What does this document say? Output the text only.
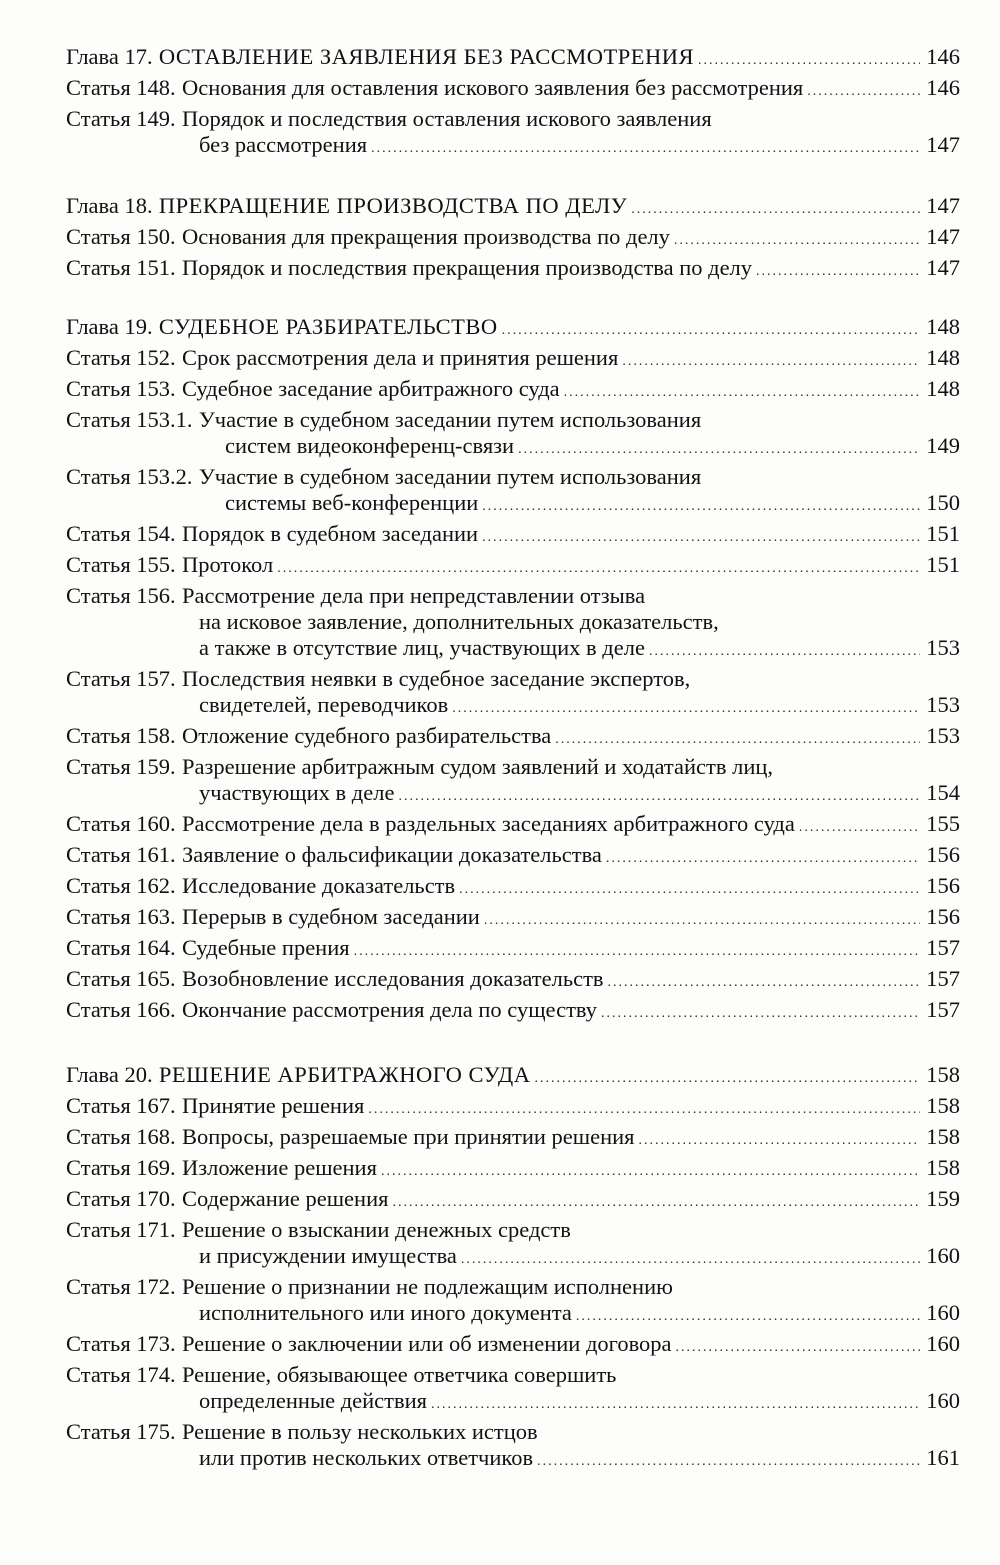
Глава 17. ОСТАВЛЕНИЕ ЗАЯВЛЕНИЯ БЕЗ РАССМОТРЕНИЯ .....	146
Статья 148. Основания для оставления искового заявления без рассмотрения .....	146
Статья 149. Порядок и последствия оставления искового заявления
без рассмотрения .....	147
Глава 18. ПРЕКРАЩЕНИЕ ПРОИЗВОДСТВА ПО ДЕЛУ .....	147
Статья 150. Основания для прекращения производства по делу .....	147
Статья 151. Порядок и последствия прекращения производства по делу .....	147
Глава 19. СУДЕБНОЕ РАЗБИРАТЕЛЬСТВО .....	148
Статья 152. Срок рассмотрения дела и принятия решения .....	148
Статья 153. Судебное заседание арбитражного суда .....	148
Статья 153.1. Участие в судебном заседании путем использования
систем видеоконференц-связи .....	149
Статья 153.2. Участие в судебном заседании путем использования
системы веб-конференции .....	150
Статья 154. Порядок в судебном заседании .....	151
Статья 155. Протокол .....	151
Статья 156. Рассмотрение дела при непредставлении отзыва
на исковое заявление, дополнительных доказательств,
а также в отсутствие лиц, участвующих в деле .....	153
Статья 157. Последствия неявки в судебное заседание экспертов,
свидетелей, переводчиков .....	153
Статья 158. Отложение судебного разбирательства .....	153
Статья 159. Разрешение арбитражным судом заявлений и ходатайств лиц,
участвующих в деле .....	154
Статья 160. Рассмотрение дела в раздельных заседаниях арбитражного суда .....	155
Статья 161. Заявление о фальсификации доказательства .....	156
Статья 162. Исследование доказательств .....	156
Статья 163. Перерыв в судебном заседании .....	156
Статья 164. Судебные прения .....	157
Статья 165. Возобновление исследования доказательств .....	157
Статья 166. Окончание рассмотрения дела по существу .....	157
Глава 20. РЕШЕНИЕ АРБИТРАЖНОГО СУДА .....	158
Статья 167. Принятие решения .....	158
Статья 168. Вопросы, разрешаемые при принятии решения .....	158
Статья 169. Изложение решения .....	158
Статья 170. Содержание решения .....	159
Статья 171. Решение о взыскании денежных средств
и присуждении имущества .....	160
Статья 172. Решение о признании не подлежащим исполнению
исполнительного или иного документа .....	160
Статья 173. Решение о заключении или об изменении договора .....	160
Статья 174. Решение, обязывающее ответчика совершить
определенные действия .....	160
Статья 175. Решение в пользу нескольких истцов
или против нескольких ответчиков .....	161
